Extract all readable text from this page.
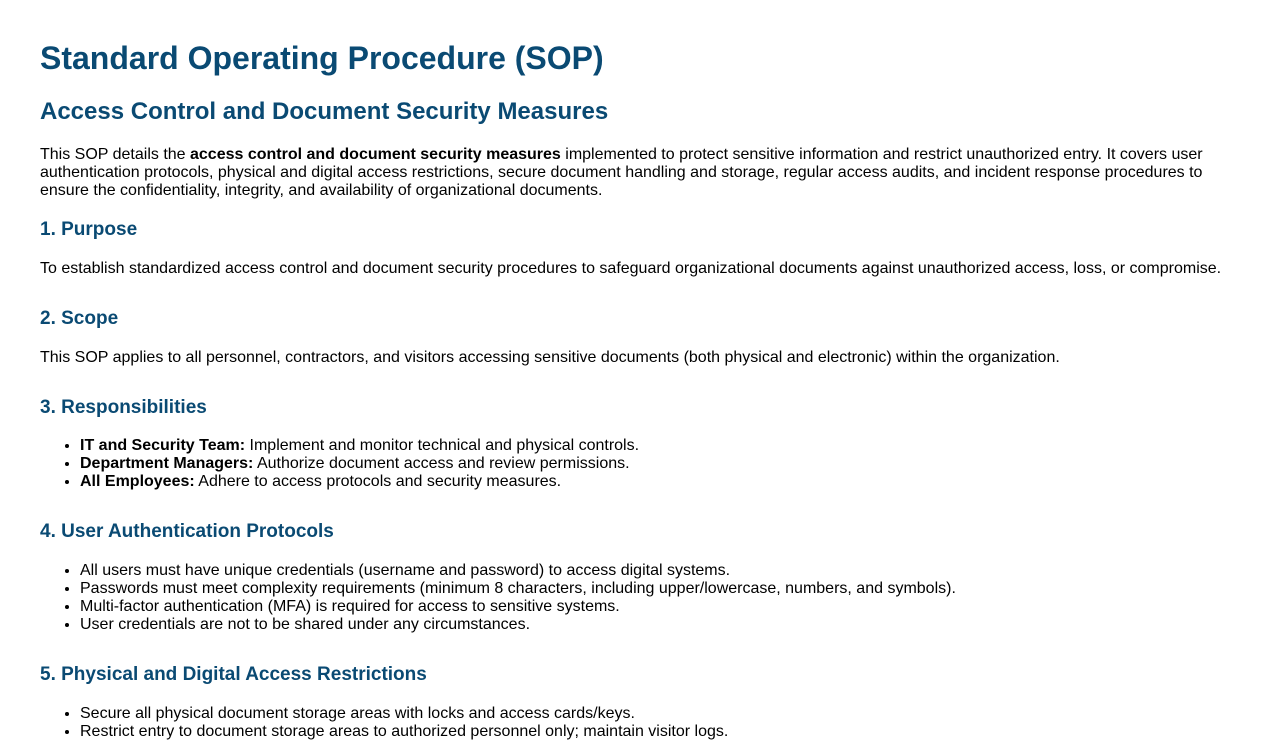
Standard Operating Procedure (SOP)
Access Control and Document Security Measures

This SOP details the access control and document security measures implemented to protect sensitive information and restrict unauthorized entry. It covers user authentication protocols, physical and digital access restrictions, secure document handling and storage, regular access audits, and incident response procedures to ensure the confidentiality, integrity, and availability of organizational documents.

1. Purpose

To establish standardized access control and document security procedures to safeguard organizational documents against unauthorized access, loss, or compromise.

2. Scope

This SOP applies to all personnel, contractors, and visitors accessing sensitive documents (both physical and electronic) within the organization.

3. Responsibilities
• IT and Security Team: Implement and monitor technical and physical controls.
• Department Managers: Authorize document access and review permissions.
• All Employees: Adhere to access protocols and security measures.
4. User Authentication Protocols
• All users must have unique credentials (username and password) to access digital systems.
• Passwords must meet complexity requirements (minimum 8 characters, including upper/lowercase, numbers, and symbols).
• Multi-factor authentication (MFA) is required for access to sensitive systems.
• User credentials are not to be shared under any circumstances.
5. Physical and Digital Access Restrictions
• Secure all physical document storage areas with locks and access cards/keys.
• Restrict entry to document storage areas to authorized personnel only; maintain visitor logs.
